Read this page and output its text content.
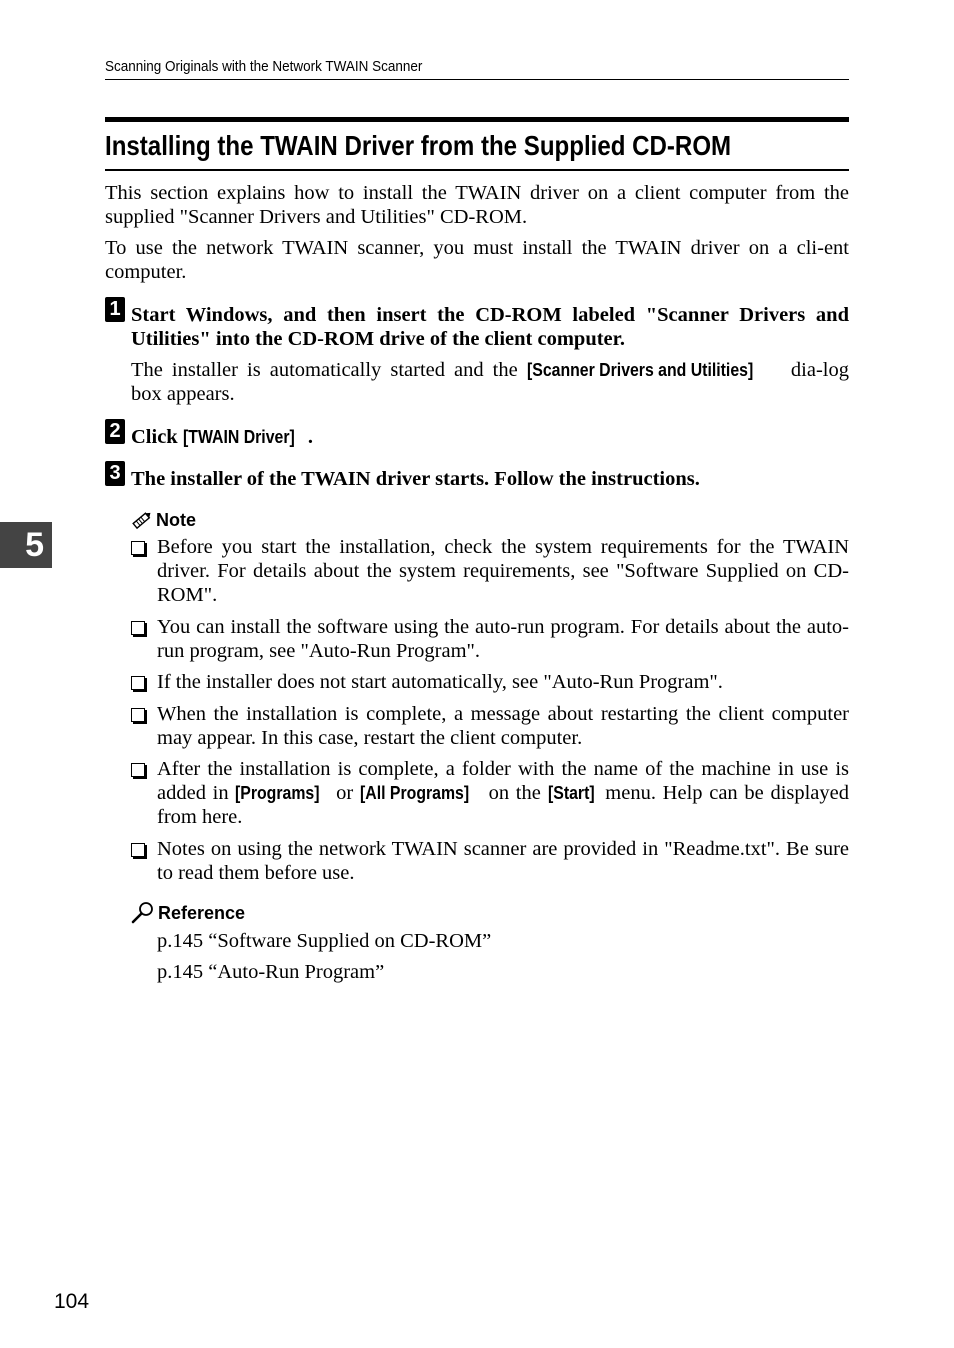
Scanning Originals with the Network TWAIN Scanner
Installing the TWAIN Driver from the Supplied CD-ROM

This section explains how to install the TWAIN driver on a client computer from the supplied "Scanner Drivers and Utilities" CD-ROM.

To use the network TWAIN scanner, you must install the TWAIN driver on a cli-ent computer.

1 Start Windows, and then insert the CD-ROM labeled "Scanner Drivers and Utilities" into the CD-ROM drive of the client computer.

The installer is automatically started and the [Scanner Drivers and Utilities] dia-log box appears.

2 Click [TWAIN Driver] .

3 The installer of the TWAIN driver starts. Follow the instructions.

5
Note

Before you start the installation, check the system requirements for the TWAIN driver. For details about the system requirements, see "Software Supplied on CD-ROM".

You can install the software using the auto-run program. For details about the auto-run program, see "Auto-Run Program".

If the installer does not start automatically, see "Auto-Run Program".

When the installation is complete, a message about restarting the client computer may appear. In this case, restart the client computer.

After the installation is complete, a folder with the name of the machine in use is added in [Programs] or [All Programs] on the [Start] menu. Help can be displayed from here.

Notes on using the network TWAIN scanner are provided in "Readme.txt". Be sure to read them before use.

Reference

p.145 “Software Supplied on CD-ROM”

p.145 “Auto-Run Program”

104
